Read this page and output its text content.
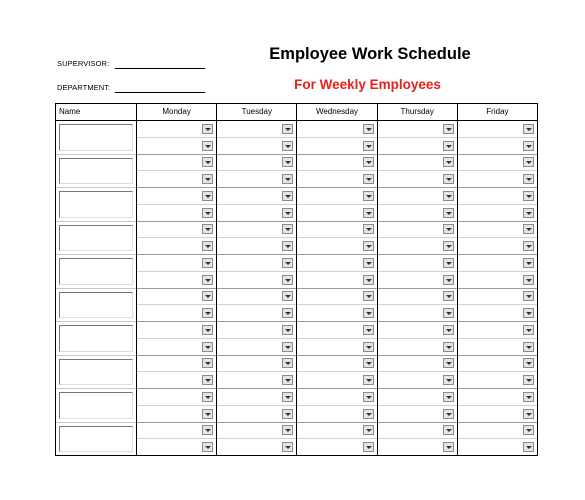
SUPERVISOR:
DEPARTMENT:
Employee Work Schedule
For Weekly Employees
Name	Monday	Tuesday	Wednesday	Thursday	Friday
